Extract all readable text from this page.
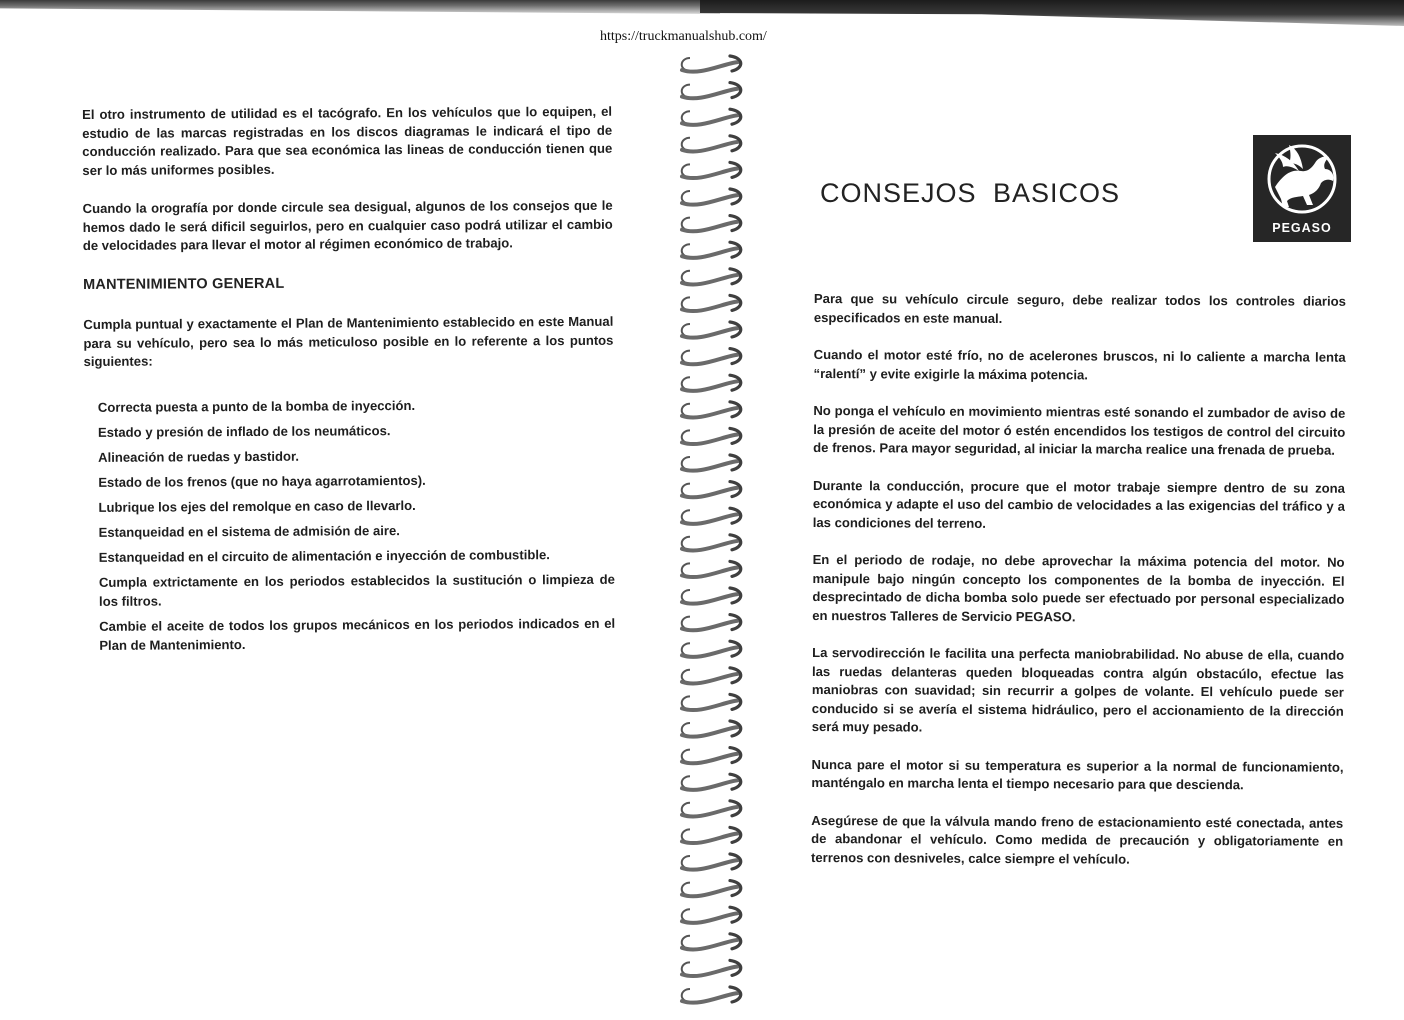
https://truckmanualshub.com/

El otro instrumento de utilidad es el tacógrafo. En los vehículos que lo equipen, el estudio de las marcas registradas en los discos diagramas le indicará el tipo de conducción realizado. Para que sea económica las lineas de conducción tienen que ser lo más uniformes posibles.

Cuando la orografía por donde circule sea desigual, algunos de los consejos que le hemos dado le será dificil seguirlos, pero en cualquier caso podrá utilizar el cambio de velocidades para llevar el motor al régimen económico de trabajo.

MANTENIMIENTO GENERAL

Cumpla puntual y exactamente el Plan de Mantenimiento establecido en este Manual para su vehículo, pero sea lo más meticuloso posible en lo referente a los puntos siguientes:

Correcta puesta a punto de la bomba de inyección.
Estado y presión de inflado de los neumáticos.
Alineación de ruedas y bastidor.
Estado de los frenos (que no haya agarrotamientos).
Lubrique los ejes del remolque en caso de llevarlo.
Estanqueidad en el sistema de admisión de aire.
Estanqueidad en el circuito de alimentación e inyección de combustible.
Cumpla extrictamente en los periodos establecidos la sustitución o limpieza de los filtros.
Cambie el aceite de todos los grupos mecánicos en los periodos indicados en el Plan de Mantenimiento.
CONSEJOS BASICOS
PEGASO

Para que su vehículo circule seguro, debe realizar todos los controles diarios especificados en este manual.

Cuando el motor esté frío, no de acelerones bruscos, ni lo caliente a marcha lenta “ralentí” y evite exigirle la máxima potencia.

No ponga el vehículo en movimiento mientras esté sonando el zumbador de aviso de la presión de aceite del motor ó estén encendidos los testigos de control del circuito de frenos. Para mayor seguridad, al iniciar la marcha realice una frenada de prueba.

Durante la conducción, procure que el motor trabaje siempre dentro de su zona económica y adapte el uso del cambio de velocidades a las exigencias del tráfico y a las condiciones del terreno.

En el periodo de rodaje, no debe aprovechar la máxima potencia del motor. No manipule bajo ningún concepto los componentes de la bomba de inyección. El desprecintado de dicha bomba solo puede ser efectuado por personal especializado en nuestros Talleres de Servicio PEGASO.

La servodirección le facilita una perfecta maniobrabilidad. No abuse de ella, cuando las ruedas delanteras queden bloqueadas contra algún obstacúlo, efectue las maniobras con suavidad; sin recurrir a golpes de volante. El vehículo puede ser conducido si se avería el sistema hidráulico, pero el accionamiento de la dirección será muy pesado.

Nunca pare el motor si su temperatura es superior a la normal de funcionamiento, manténgalo en marcha lenta el tiempo necesario para que descienda.

Asegúrese de que la válvula mando freno de estacionamiento esté conectada, antes de abandonar el vehículo. Como medida de precaución y obligatoriamente en terrenos con desniveles, calce siempre el vehículo.
